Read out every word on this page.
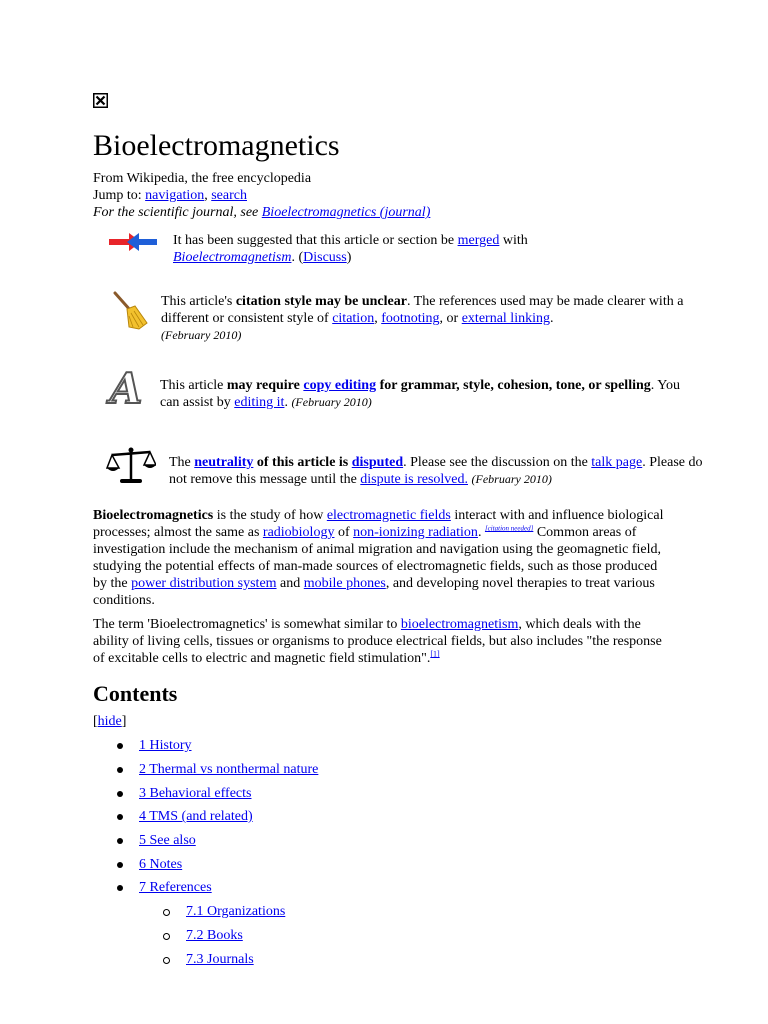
Bioelectromagnetics
From Wikipedia, the free encyclopedia
Jump to: navigation, search
For the scientific journal, see Bioelectromagnetics (journal)
It has been suggested that this article or section be merged with
Bioelectromagnetism. (Discuss)
This article's citation style may be unclear. The references used may be made clearer with a different or consistent style of citation, footnoting, or external linking.
(February 2010)
A This article may require copy editing for grammar, style, cohesion, tone, or spelling. You can assist by editing it. (February 2010)
The neutrality of this article is disputed. Please see the discussion on the talk page. Please do not remove this message until the dispute is resolved. (February 2010)
Bioelectromagnetics is the study of how electromagnetic fields interact with and influence biological processes; almost the same as radiobiology of non-ionizing radiation. [citation needed] Common areas of investigation include the mechanism of animal migration and navigation using the geomagnetic field, studying the potential effects of man-made sources of electromagnetic fields, such as those produced by the power distribution system and mobile phones, and developing novel therapies to treat various conditions.
The term 'Bioelectromagnetics' is somewhat similar to bioelectromagnetism, which deals with the ability of living cells, tissues or organisms to produce electrical fields, but also includes "the response of excitable cells to electric and magnetic field stimulation".[1]
Contents
[hide]
1 History
2 Thermal vs nonthermal nature
3 Behavioral effects
4 TMS (and related)
5 See also
6 Notes
7 References
7.1 Organizations
7.2 Books
7.3 Journals
